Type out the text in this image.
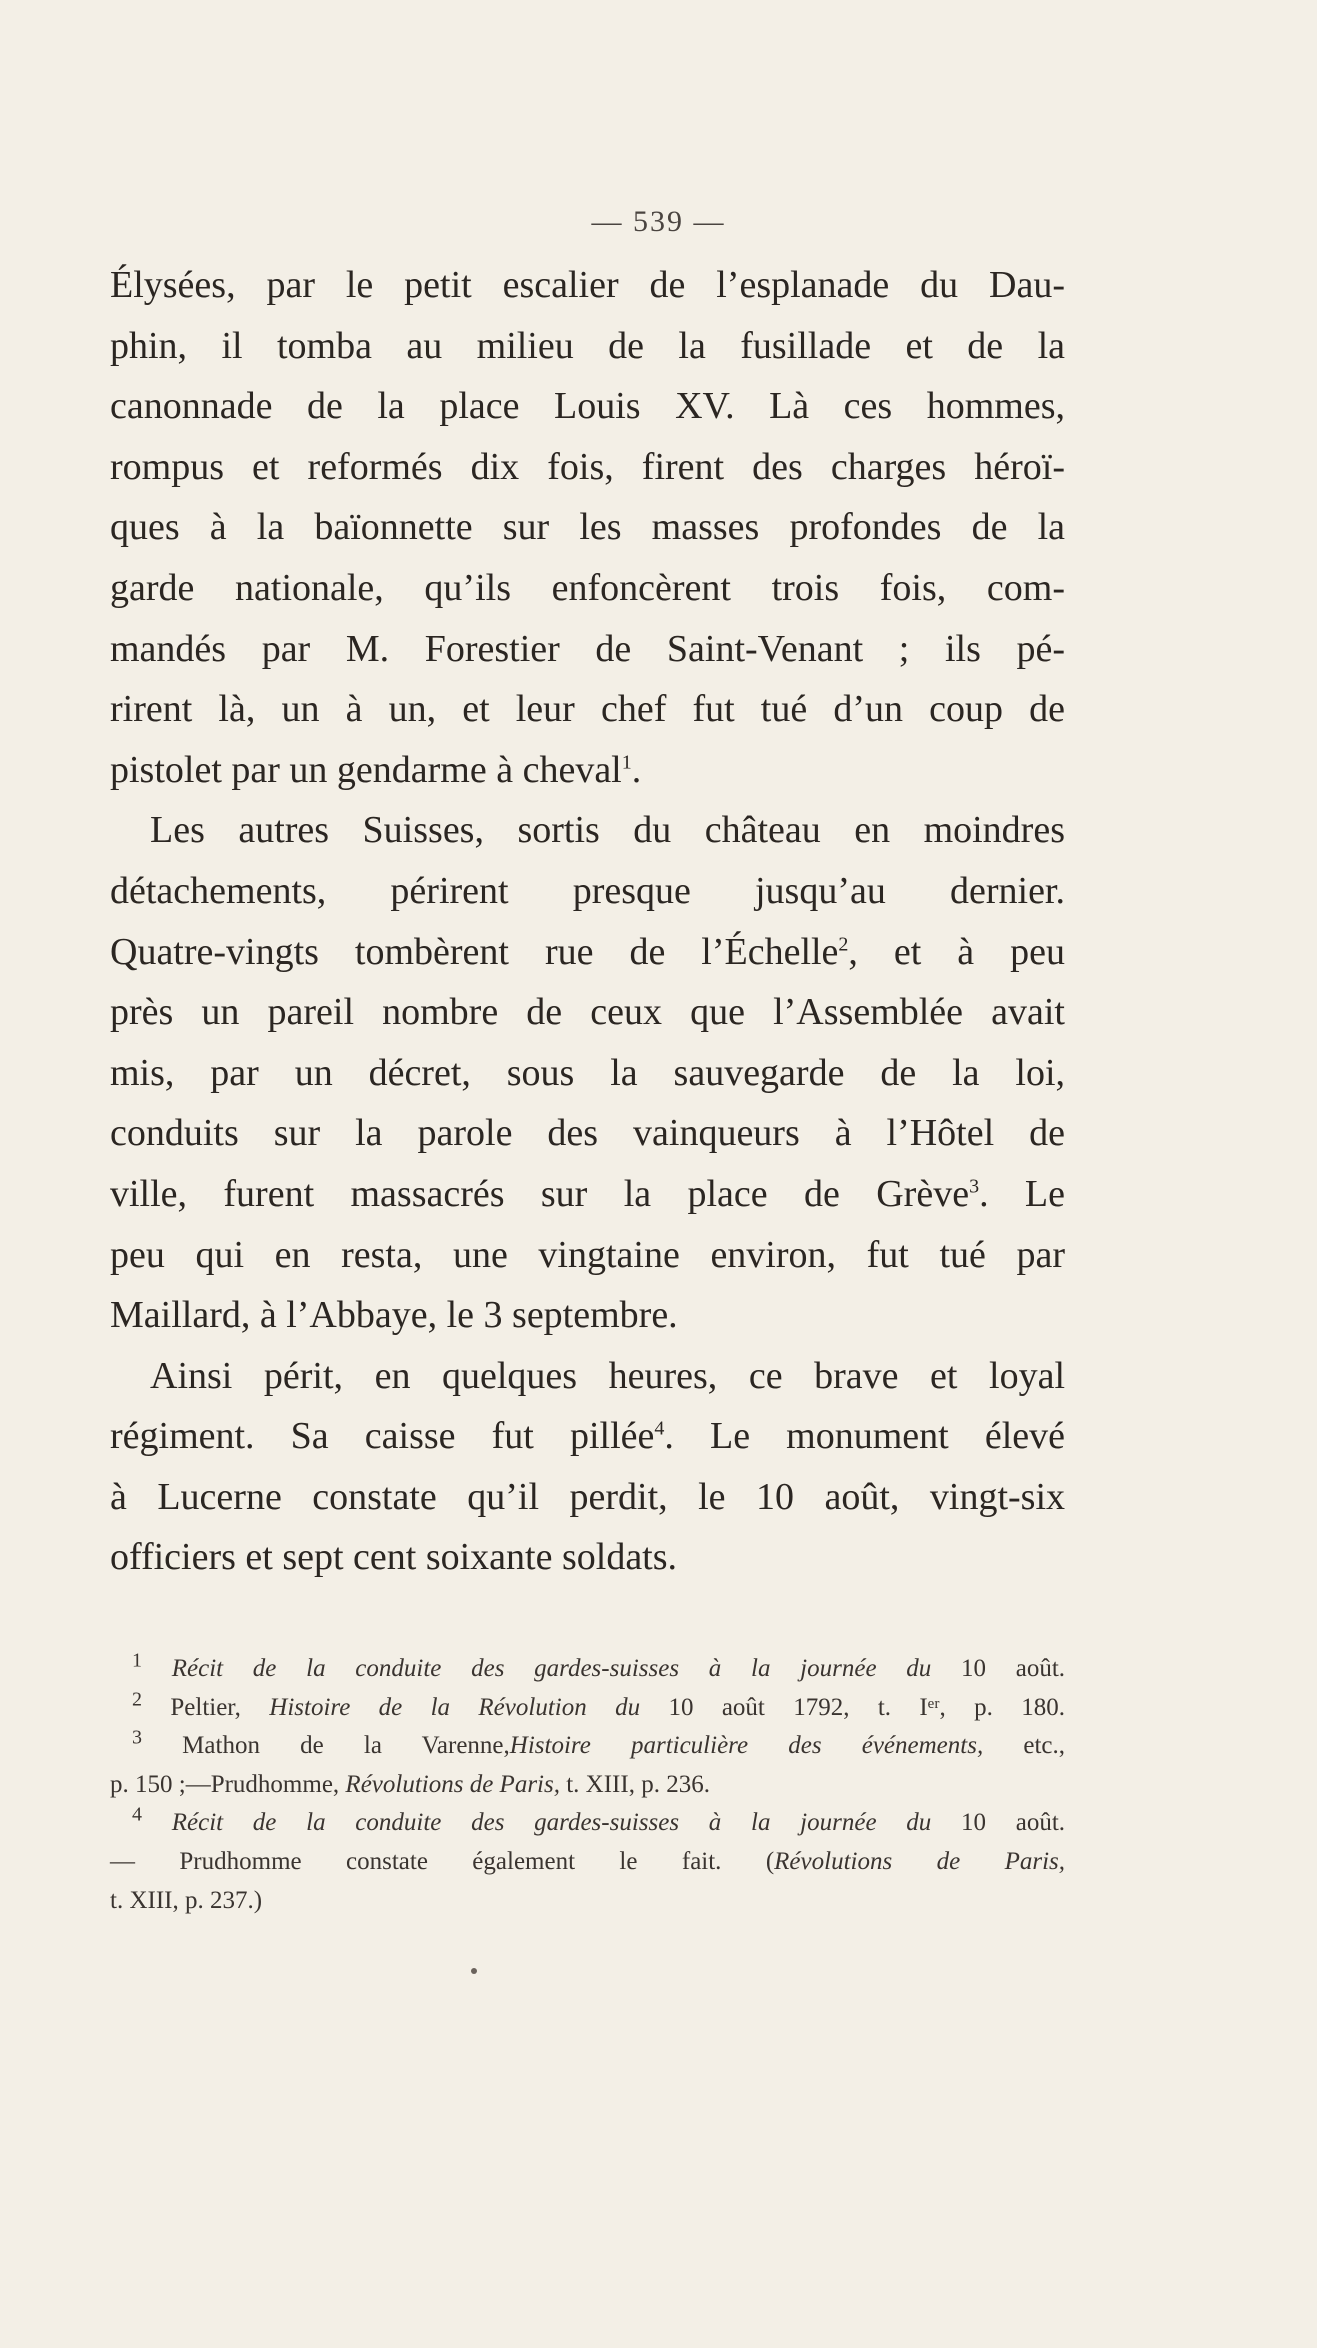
— 539 —
Élysées, par le petit escalier de l’esplanade du Dau-
phin, il tomba au milieu de la fusillade et de la
canonnade de la place Louis XV. Là ces hommes,
rompus et reformés dix fois, firent des charges héroï-
ques à la baïonnette sur les masses profondes de la
garde nationale, qu’ils enfoncèrent trois fois, com-
mandés par M. Forestier de Saint-Venant ; ils pé-
rirent là, un à un, et leur chef fut tué d’un coup de
pistolet par un gendarme à cheval$^1$.
Les autres Suisses, sortis du château en moindres
détachements, périrent presque jusqu’au dernier.
Quatre-vingts tombèrent rue de l’Échelle$^2$, et à peu
près un pareil nombre de ceux que l’Assemblée avait
mis, par un décret, sous la sauvegarde de la loi,
conduits sur la parole des vainqueurs à l’Hôtel de
ville, furent massacrés sur la place de Grève$^3$. Le
peu qui en resta, une vingtaine environ, fut tué par
Maillard, à l’Abbaye, le 3 septembre.
Ainsi périt, en quelques heures, ce brave et loyal
régiment. Sa caisse fut pillée$^4$. Le monument élevé
à Lucerne constate qu’il perdit, le 10 août, vingt-six
officiers et sept cent soixante soldats.
$^1$ Récit de la conduite des gardes-suisses à la journée du 10 août.
$^2$ Peltier, Histoire de la Révolution du 10 août 1792, t. Iᵉʳ, p. 180.
$^3$ Mathon de la Varenne,Histoire particulière des événements, etc.,
p. 150 ;—Prudhomme, Révolutions de Paris, t. XIII, p. 236.
$^4$ Récit de la conduite des gardes-suisses à la journée du 10 août.
— Prudhomme constate également le fait. (Révolutions de Paris,
t. XIII, p. 237.)
